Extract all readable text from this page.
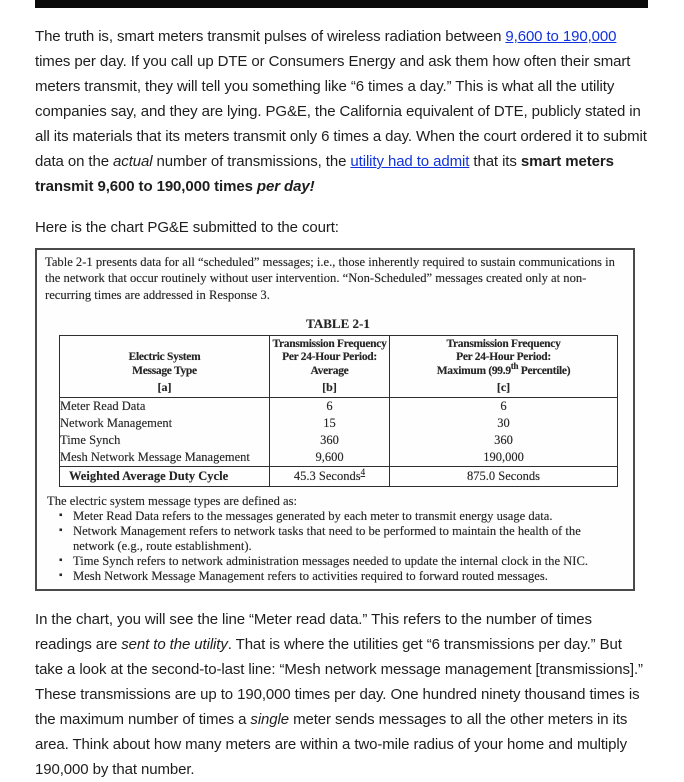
The truth is, smart meters transmit pulses of wireless radiation between 9,600 to 190,000 times per day. If you call up DTE or Consumers Energy and ask them how often their smart meters transmit, they will tell you something like “6 times a day.” This is what all the utility companies say, and they are lying. PG&E, the California equivalent of DTE, publicly stated in all its materials that its meters transmit only 6 times a day. When the court ordered it to submit data on the actual number of transmissions, the utility had to admit that its smart meters transmit 9,600 to 190,000 times per day!

Here is the chart PG&E submitted to the court:

Table 2-1 presents data for all “scheduled” messages; i.e., those inherently required to sustain communications in the network that occur routinely without user intervention. “Non-Scheduled” messages created only at non-recurring times are addressed in Response 3.

TABLE 2-1
Electric System
Message Type
[a]

Transmission Frequency
Per 24-Hour Period:
Average
[b]

Transmission Frequency
Per 24-Hour Period:
Maximum (99.9th Percentile)
[c]

Meter Read Data	6	6
Network Management	15	30
Time Synch	360	360
Mesh Network Message Management	9,600	190,000
Weighted Average Duty Cycle	45.3 Seconds$^4$	875.0 Seconds

The electric system message types are defined as:

▪ Meter Read Data refers to the messages generated by each meter to transmit energy usage data.
▪ Network Management refers to network tasks that need to be performed to maintain the health of the network (e.g., route establishment).
▪ Time Synch refers to network administration messages needed to update the internal clock in the NIC.
▪ Mesh Network Message Management refers to activities required to forward routed messages.

In the chart, you will see the line “Meter read data.” This refers to the number of times readings are sent to the utility. That is where the utilities get “6 transmissions per day.” But take a look at the second-to-last line: “Mesh network message management [transmissions].” These transmissions are up to 190,000 times per day. One hundred ninety thousand times is the maximum number of times a single meter sends messages to all the other meters in its area. Think about how many meters are within a two-mile radius of your home and multiply 190,000 by that number.
